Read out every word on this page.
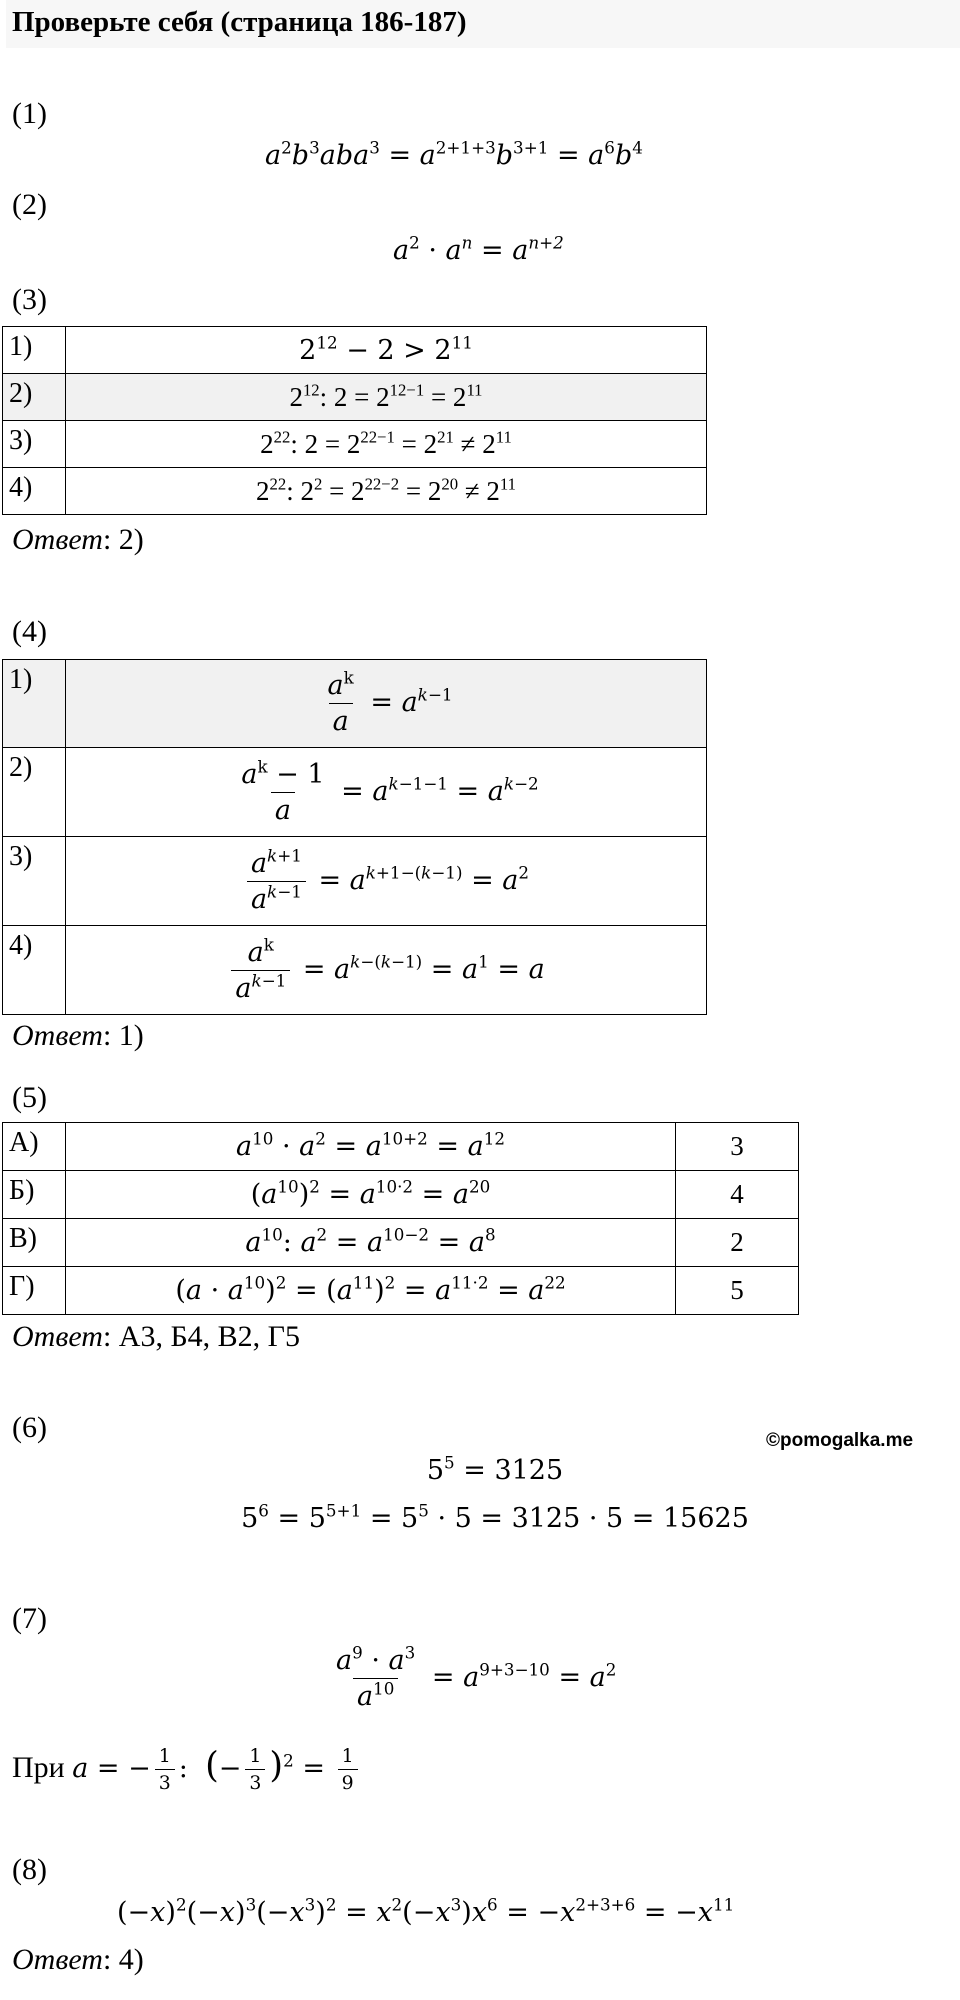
Проверьте себя (страница 186-187)
(1)
$a^2b^3aba^3 = a^{2+1+3}b^{3+1} = a^6b^4$
(2)
$a^2 \cdot a^n = a^{n+2}$
(3)
1)	$2^{12} - 2 > 2^{11}$
2)	$2^{12}$: $2 = 2^{12-1} = 2^{11}$
3)	$2^{22}$: $2 = 2^{22-1} = 2^{21} \ne 2^{11}$
4)	$2^{22}$: $2^2 = 2^{22-2} = 2^{20} \ne 2^{11}$
Ответ: 2)
(4)
1)	$\frac{a^k}{a} = a^{k-1}$
2)	$\frac{a^k - 1}{a} = a^{k-1-1} = a^{k-2}$
3)	$\frac{a^{k+1}}{a^{k-1}} = a^{k+1-(k-1)} = a^2$
4)	$\frac{a^k}{a^{k-1}} = a^{k-(k-1)} = a^1 = a$
Ответ: 1)
(5)
А)	$a^{10} \cdot a^2 = a^{10+2} = a^{12}$	3
Б)	$(a^{10})^2 = a^{10\cdot 2} = a^{20}$	4
В)	$a^{10}$: $a^2 = a^{10-2} = a^8$	2
Г)	$(a \cdot a^{10})^2 = (a^{11})^2 = a^{11\cdot 2} = a^{22}$	5
Ответ: А3, Б4, В2, Г5
(6)	©pomogalka.me
$5^5 = 3125$
$5^6 = 5^{5+1} = 5^5 \cdot 5 = 3125 \cdot 5 = 15625$
(7)
$\frac{a^9 \cdot a^3}{a^{10}} = a^{9+3-10} = a^2$
При a = − $\frac{1}{3}$ : (− $\frac{1}{3} )^2 = \frac{1}{9}$
(8)
$(-x)^2(-x)^3(-x^3)^2 = x^2(-x^3)x^6 = -x^{2+3+6} = -x^{11}$
Ответ: 4)
